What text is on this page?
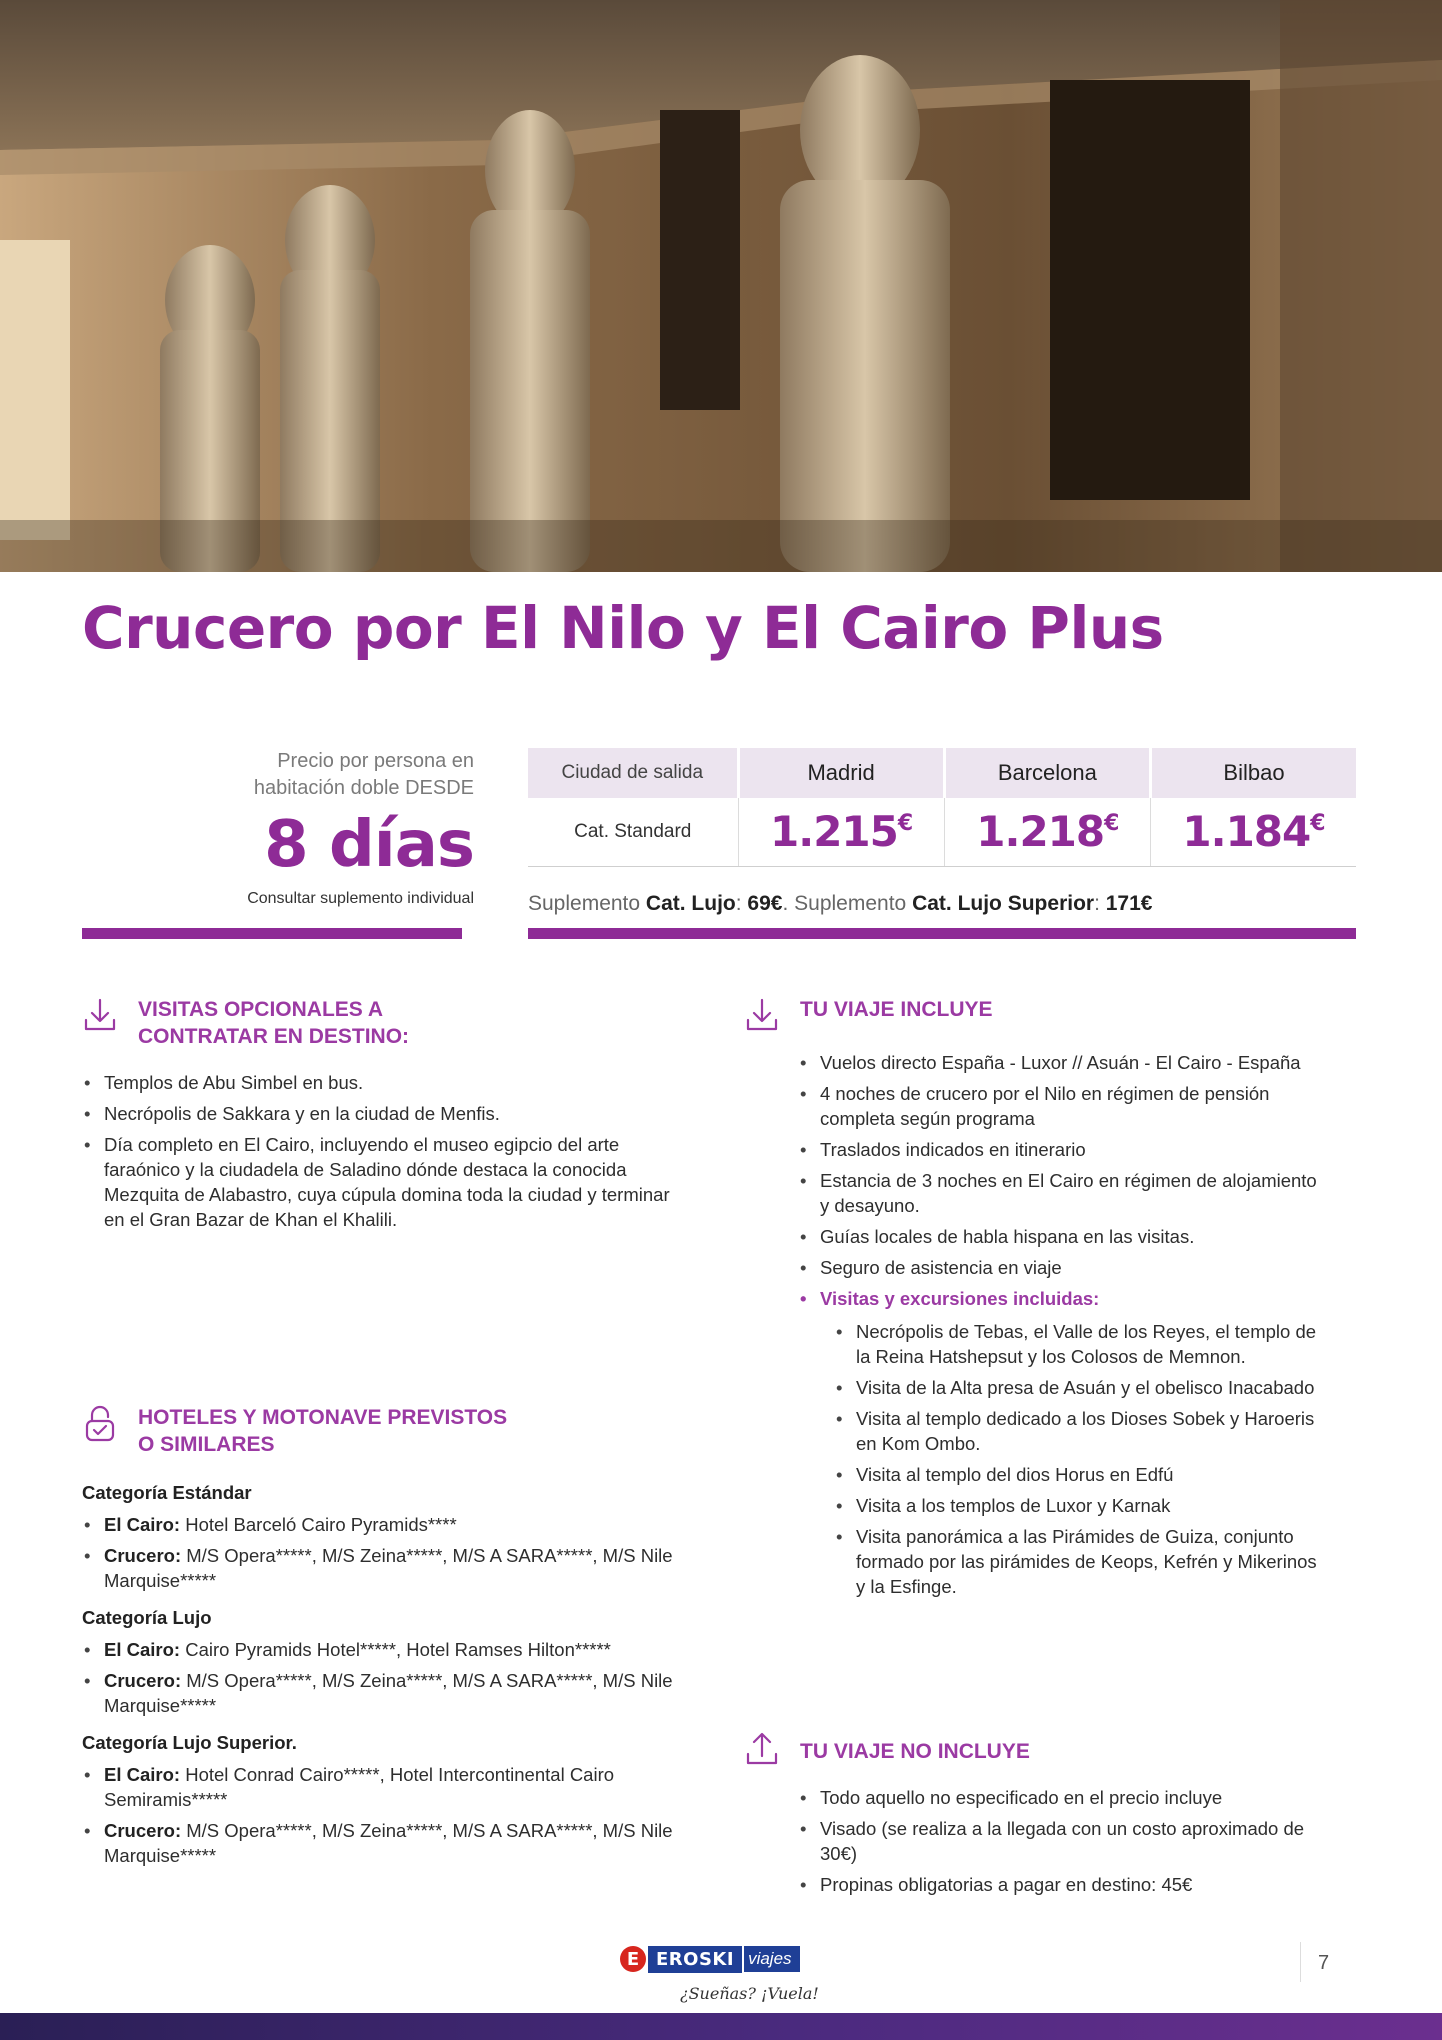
Crucero por El Nilo y El Cairo Plus
Precio por persona en
habitación doble DESDE
8 días
Consultar suplemento individual
Ciudad de salida	Madrid	Barcelona	Bilbao
Cat. Standard	1.215€	1.218€	1.184€
Suplemento Cat. Lujo: 69€. Suplemento Cat. Lujo Superior: 171€
VISITAS OPCIONALES A
CONTRATAR EN DESTINO:
• Templos de Abu Simbel en bus.
• Necrópolis de Sakkara y en la ciudad de Menfis.
• Día completo en El Cairo, incluyendo el museo egipcio del arte faraónico y la ciudadela de Saladino dónde destaca la conocida Mezquita de Alabastro, cuya cúpula domina toda la ciudad y terminar en el Gran Bazar de Khan el Khalili.
HOTELES Y MOTONAVE PREVISTOS
O SIMILARES
Categoría Estándar
• El Cairo: Hotel Barceló Cairo Pyramids****
• Crucero: M/S Opera*****, M/S Zeina*****, M/S A SARA*****, M/S Nile Marquise*****
Categoría Lujo
• El Cairo: Cairo Pyramids Hotel*****, Hotel Ramses Hilton*****
• Crucero: M/S Opera*****, M/S Zeina*****, M/S A SARA*****, M/S Nile Marquise*****
Categoría Lujo Superior.
• El Cairo: Hotel Conrad Cairo*****, Hotel Intercontinental Cairo Semiramis*****
• Crucero: M/S Opera*****, M/S Zeina*****, M/S A SARA*****, M/S Nile Marquise*****
TU VIAJE INCLUYE
• Vuelos directo España - Luxor // Asuán - El Cairo - España
• 4 noches de crucero por el Nilo en régimen de pensión completa según programa
• Traslados indicados en itinerario
• Estancia de 3 noches en El Cairo en régimen de alojamiento y desayuno.
• Guías locales de habla hispana en las visitas.
• Seguro de asistencia en viaje
• Visitas y excursiones incluidas:
• Necrópolis de Tebas, el Valle de los Reyes, el templo de la Reina Hatshepsut y los Colosos de Memnon.
• Visita de la Alta presa de Asuán y el obelisco Inacabado
• Visita al templo dedicado a los Dioses Sobek y Haroeris en Kom Ombo.
• Visita al templo del dios Horus en Edfú
• Visita a los templos de Luxor y Karnak
• Visita panorámica a las Pirámides de Guiza, conjunto formado por las pirámides de Keops, Kefrén y Mikerinos y la Esfinge.
TU VIAJE NO INCLUYE
• Todo aquello no especificado en el precio incluye
• Visado (se realiza a la llegada con un costo aproximado de 30€)
• Propinas obligatorias a pagar en destino: 45€
E EROSKI viajes
¿Sueñas? ¡Vuela!
7
